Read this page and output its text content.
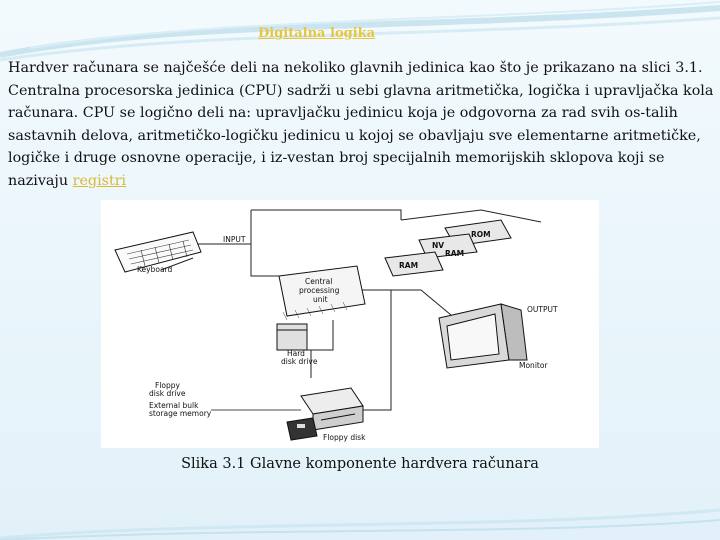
Digitalna logika
Hardver računara se najčešće deli na nekoliko glavnih jedinica kao što je prikazano na slici 3.1. Centralna procesorska jedinica (CPU) sadrži u sebi glavna aritmetička, logička i upravljačka kola računara. CPU se logično deli na: upravljačku jedinicu koja je odgovorna za rad svih os-talih sastavnih delova, aritmetičko-logičku jedinicu u kojoj se obavljaju sve elementarne aritmetičke, logičke i druge osnovne operacije, i iz-vestan broj specijalnih memorijskih sklopova koji se nazivaju registri
INPUT
Keyboard
ROM
NV
RAM
RAM
Central
processing
unit
OUTPUT
Monitor
Hard
disk drive
Floppy
disk drive
External bulk
storage memory
Floppy disk
Slika 3.1 Glavne komponente hardvera računara
